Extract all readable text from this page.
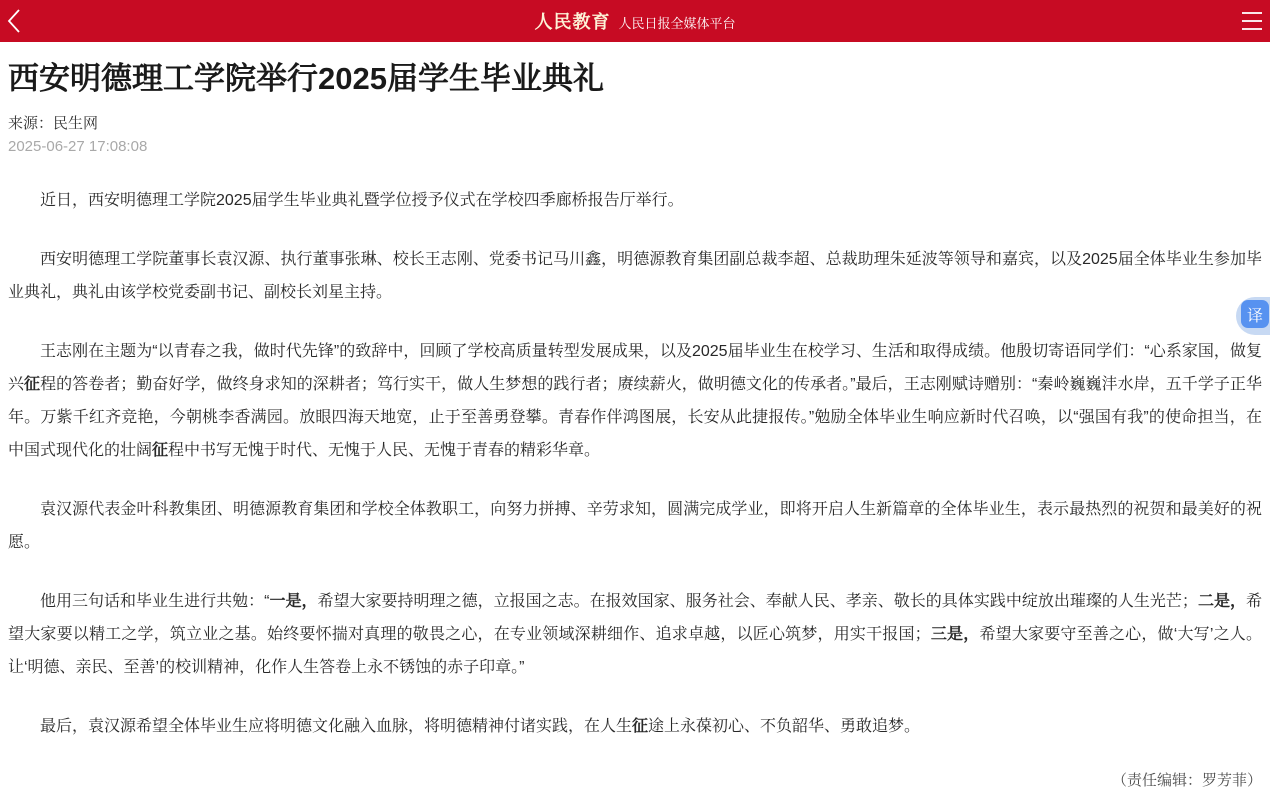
人民教育 人民日报全媒体平台
西安明德理工学院举行2025届学生毕业典礼
来源：民生网
2025-06-27 17:08:08

近日，西安明德理工学院2025届学生毕业典礼暨学位授予仪式在学校四季廊桥报告厅举行。

西安明德理工学院董事长袁汉源、执行董事张琳、校长王志刚、党委书记马川鑫，明德源教育集团副总裁李超、总裁助理朱延波等领导和嘉宾，以及2025届全体毕业生参加毕业典礼，典礼由该学校党委副书记、副校长刘星主持。

王志刚在主题为“以青春之我，做时代先锋”的致辞中，回顾了学校高质量转型发展成果，以及2025届毕业生在校学习、生活和取得成绩。他殷切寄语同学们：“心系家国，做复兴征程的答卷者；勤奋好学，做终身求知的深耕者；笃行实干，做人生梦想的践行者；赓续薪火，做明德文化的传承者。”最后，王志刚赋诗赠别：“秦岭巍巍沣水岸，五千学子正华年。万紫千红齐竞艳，今朝桃李香满园。放眼四海天地宽，止于至善勇登攀。青春作伴鸿图展，长安从此捷报传。”勉励全体毕业生响应新时代召唤，以“强国有我”的使命担当，在中国式现代化的壮阔征程中书写无愧于时代、无愧于人民、无愧于青春的精彩华章。

袁汉源代表金叶科教集团、明德源教育集团和学校全体教职工，向努力拼搏、辛劳求知，圆满完成学业，即将开启人生新篇章的全体毕业生，表示最热烈的祝贺和最美好的祝愿。

他用三句话和毕业生进行共勉：“一是，希望大家要持明理之德，立报国之志。在报效国家、服务社会、奉献人民、孝亲、敬长的具体实践中绽放出璀璨的人生光芒；二是，希望大家要以精工之学，筑立业之基。始终要怀揣对真理的敬畏之心，在专业领域深耕细作、追求卓越，以匠心筑梦，用实干报国；三是，希望大家要守至善之心，做‘大写’之人。让‘明德、亲民、至善’的校训精神，化作人生答卷上永不锈蚀的赤子印章。”

最后，袁汉源希望全体毕业生应将明德文化融入血脉，将明德精神付诸实践，在人生征途上永葆初心、不负韶华、勇敢追梦。

译
（责任编辑：罗芳菲）
